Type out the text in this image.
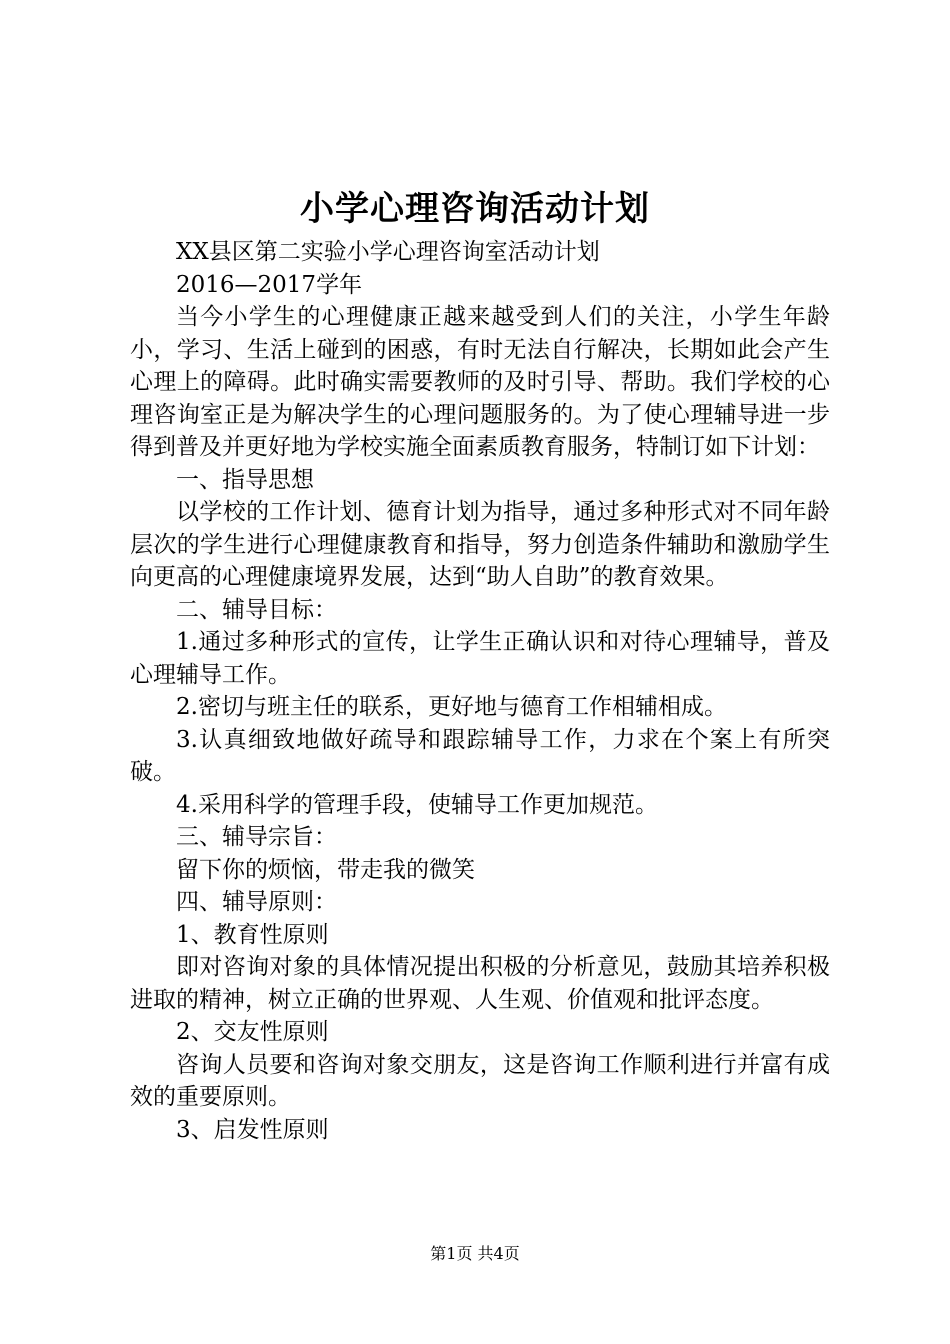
小学心理咨询活动计划

XX县区第二实验小学心理咨询室活动计划

2016—2017学年

当今小学生的心理健康正越来越受到人们的关注，小学生年龄小，学习、生活上碰到的困惑，有时无法自行解决，长期如此会产生心理上的障碍。此时确实需要教师的及时引导、帮助。我们学校的心理咨询室正是为解决学生的心理问题服务的。为了使心理辅导进一步得到普及并更好地为学校实施全面素质教育服务，特制订如下计划：

一、指导思想

以学校的工作计划、德育计划为指导，通过多种形式对不同年龄层次的学生进行心理健康教育和指导，努力创造条件辅助和激励学生向更高的心理健康境界发展，达到“助人自助”的教育效果。

二、辅导目标：

1.通过多种形式的宣传，让学生正确认识和对待心理辅导，普及心理辅导工作。

2.密切与班主任的联系，更好地与德育工作相辅相成。

3.认真细致地做好疏导和跟踪辅导工作，力求在个案上有所突破。

4.采用科学的管理手段，使辅导工作更加规范。

三、辅导宗旨：

留下你的烦恼，带走我的微笑

四、辅导原则：

1、教育性原则

即对咨询对象的具体情况提出积极的分析意见，鼓励其培养积极进取的精神，树立正确的世界观、人生观、价值观和批评态度。

2、交友性原则

咨询人员要和咨询对象交朋友，这是咨询工作顺利进行并富有成效的重要原则。

3、启发性原则

第1页 共4页
